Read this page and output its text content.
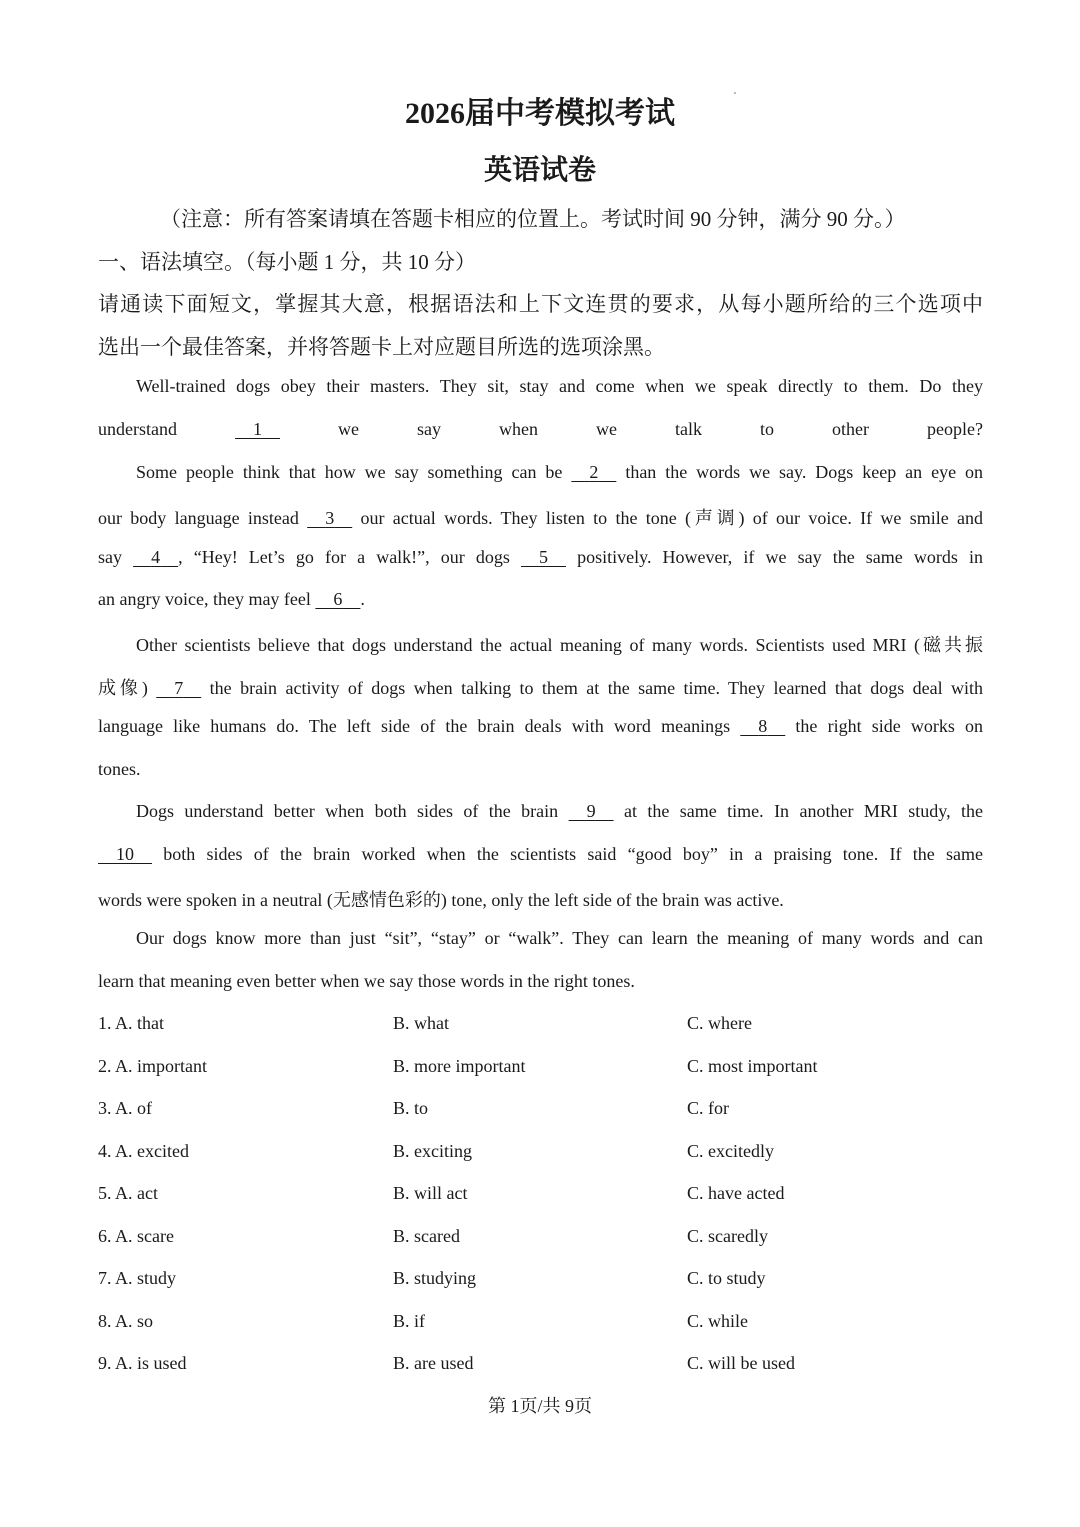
2026届中考模拟考试
英语试卷
（注意：所有答案请填在答题卡相应的位置上。考试时间 90 分钟，满分 90 分。）
一、语法填空。（每小题 1 分，共 10 分）
请通读下面短文，掌握其大意，根据语法和上下文连贯的要求，从每小题所给的三个选项中
选出一个最佳答案，并将答题卡上对应题目所选的选项涂黑。
Well-trained dogs obey their masters. They sit, stay and come when we speak directly to them. Do they
understand	1	we say when we talk to other people?
Some people think that how we say something can be 2 than the words we say. Dogs keep an eye on
our body language instead 3 our actual words. They listen to the tone (声调) of our voice. If we smile and
say 4 , “Hey! Let’s go for a walk!”, our dogs 5 positively. However, if we say the same words in
an angry voice, they may feel 6 .
Other scientists believe that dogs understand the actual meaning of many words. Scientists used MRI (磁共振
成像) 7 the brain activity of dogs when talking to them at the same time. They learned that dogs deal with
language like humans do. The left side of the brain deals with word meanings 8 the right side works on
tones.
Dogs understand better when both sides of the brain 9 at the same time. In another MRI study, the
10 both sides of the brain worked when the scientists said “good boy” in a praising tone. If the same
words were spoken in a neutral (无感情色彩的) tone, only the left side of the brain was active.
Our dogs know more than just “sit”, “stay” or “walk”. They can learn the meaning of many words and can
learn that meaning even better when we say those words in the right tones.
1. A. that	B. what	C. where
2. A. important	B. more important	C. most important
3. A. of	B. to	C. for
4. A. excited	B. exciting	C. excitedly
5. A. act	B. will act	C. have acted
6. A. scare	B. scared	C. scaredly
7. A. study	B. studying	C. to study
8. A. so	B. if	C. while
9. A. is used	B. are used	C. will be used
第 1页/共 9页
